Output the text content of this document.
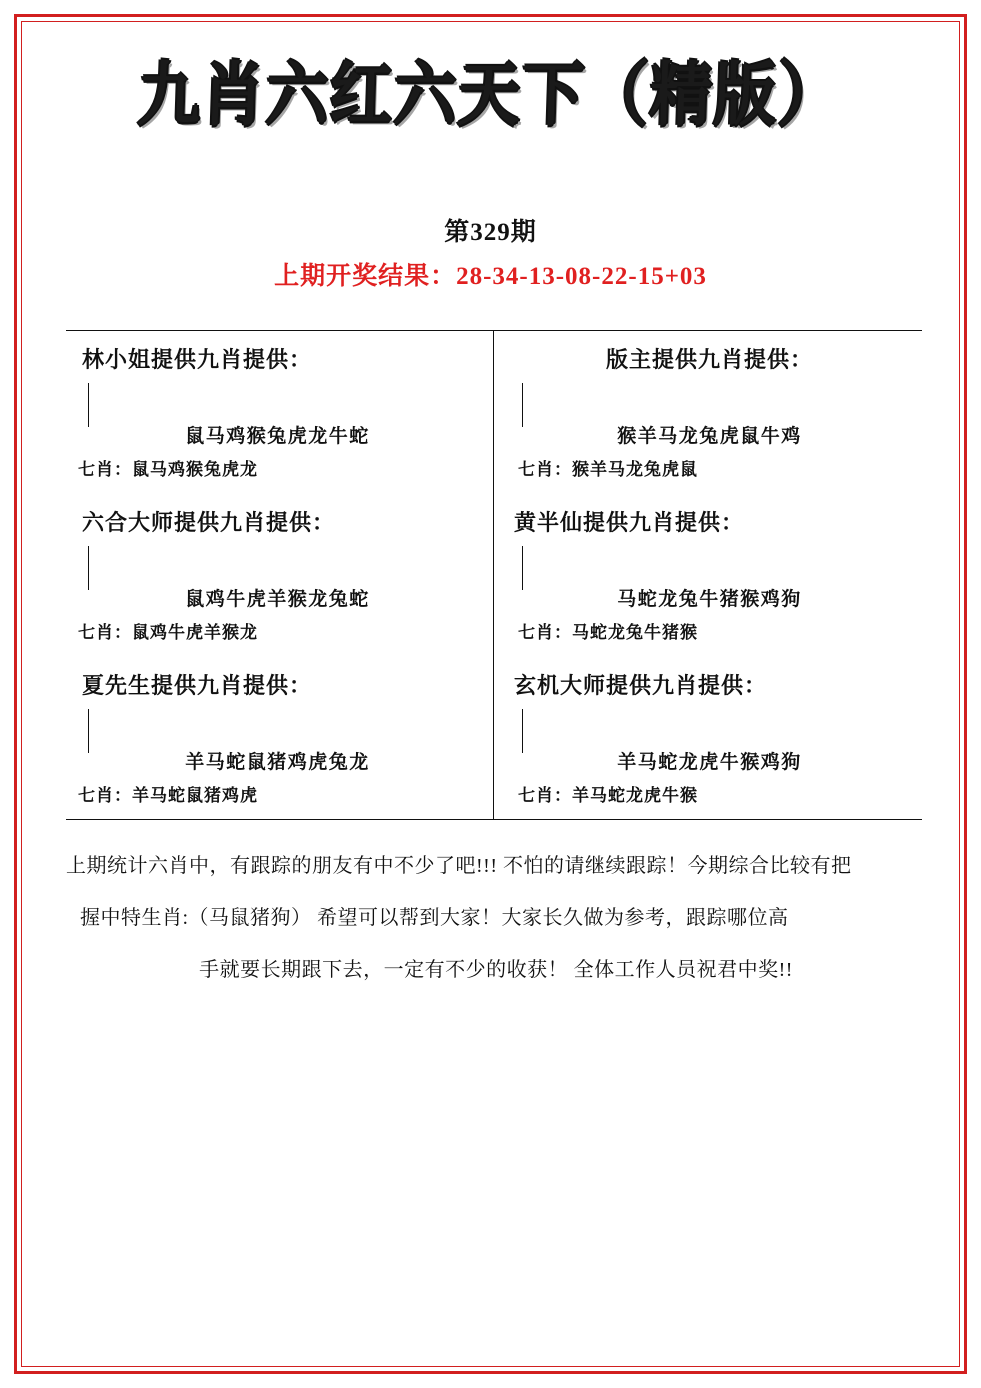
九肖六红六天下（精版）
第329期
上期开奖结果：28-34-13-08-22-15+03
林小姐提供九肖提供：
鼠马鸡猴兔虎龙牛蛇
七肖：鼠马鸡猴兔虎龙
六合大师提供九肖提供：
鼠鸡牛虎羊猴龙兔蛇
七肖：鼠鸡牛虎羊猴龙
夏先生提供九肖提供：
羊马蛇鼠猪鸡虎兔龙
七肖：羊马蛇鼠猪鸡虎
版主提供九肖提供：
猴羊马龙兔虎鼠牛鸡
七肖：猴羊马龙兔虎鼠
黄半仙提供九肖提供：
马蛇龙兔牛猪猴鸡狗
七肖：马蛇龙兔牛猪猴
玄机大师提供九肖提供：
羊马蛇龙虎牛猴鸡狗
七肖：羊马蛇龙虎牛猴
上期统计六肖中，有跟踪的朋友有中不少了吧!!! 不怕的请继续跟踪！今期综合比较有把
握中特生肖:（马鼠猪狗） 希望可以帮到大家！大家长久做为参考，跟踪哪位高
手就要长期跟下去，一定有不少的收获！ 全体工作人员祝君中奖!!
